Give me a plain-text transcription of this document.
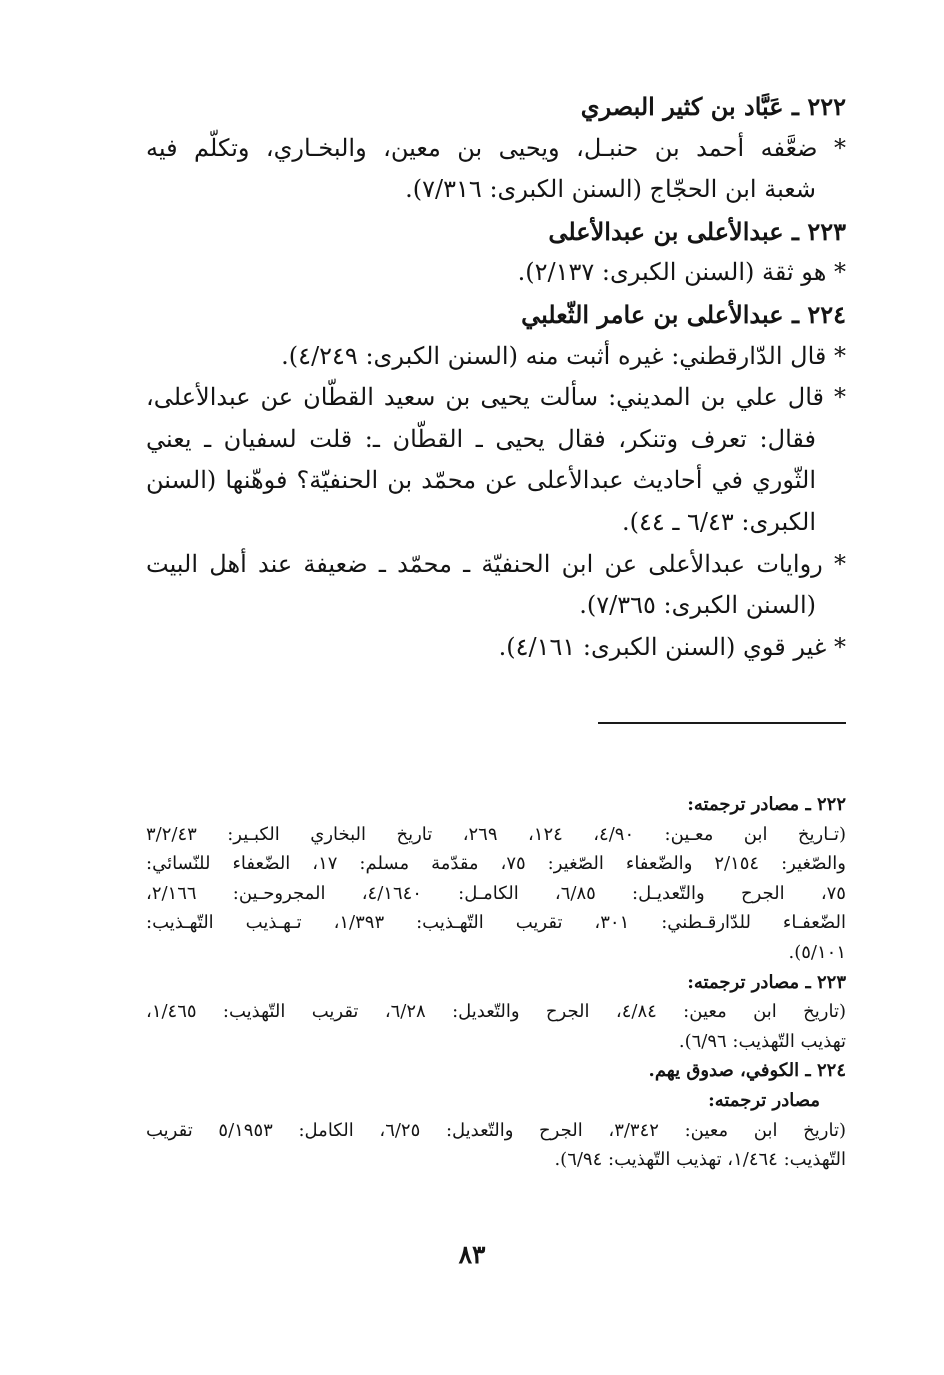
٢٢٢ ـ عَبَّاد بن كثير البصري
* ضعَّفه أحمد بن حنبـل، ويحيى بن معين، والبخـاري، وتكلّم فيه
شعبة ابن الحجّاج (السنن الكبرى: ٧/٣١٦).
٢٢٣ ـ عبدالأعلى بن عبدالأعلى
* هو ثقة (السنن الكبرى: ٢/١٣٧).
٢٢٤ ـ عبدالأعلى بن عامر الثّعلبي
* قال الدّارقطني: غيره أثبت منه (السنن الكبرى: ٤/٢٤٩).
* قال علي بن المديني: سألت يحيى بن سعيد القطّان عن عبدالأعلى،
فقال: تعرف وتنكر، فقال يحيى ـ القطّان ـ: قلت لسفيان ـ يعني
الثّوري في أحاديث عبدالأعلى عن محمّد بن الحنفيّة؟ فوهّنها (السنن
الكبرى: ٦/٤٣ ـ ٤٤).
* روايات عبدالأعلى عن ابن الحنفيّة ـ محمّد ـ ضعيفة عند أهل البيت
(السنن الكبرى: ٧/٣٦٥).
* غير قوي (السنن الكبرى: ٤/١٦١).
٢٢٢ ـ مصادر ترجمته:
(تـاريخ ابن معـين: ٤/٩٠، ١٢٤، ٢٦٩، تاريخ البخاري الكبـير: ٣/٢/٤٣
والصّغير: ٢/١٥٤ والضّعفاء الصّغير: ٧٥، مقدّمة مسلم: ١٧، الضّعفاء للنّسائي:
٧٥، الجرح والتّعديـل: ٦/٨٥، الكامـل: ٤/١٦٤٠، المجروحـين: ٢/١٦٦،
الضّعفـاء للدّارقـطني: ٣٠١، تقريب التّهـذيب: ١/٣٩٣، تـهـذيب التّهـذيب:
٥/١٠١).
٢٢٣ ـ مصادر ترجمته:
(تاريخ ابن معين: ٤/٨٤، الجرح والتّعديل: ٦/٢٨، تقريب التّهذيب: ١/٤٦٥،
تهذيب التّهذيب: ٦/٩٦).
٢٢٤ ـ الكوفي، صدوق يهم.
مصادر ترجمته:
(تاريخ ابن معين: ٣/٣٤٢، الجرح والتّعديل: ٦/٢٥، الكامل: ٥/١٩٥٣ تقريب
التّهذيب: ١/٤٦٤، تهذيب التّهذيب: ٦/٩٤).
٨٣
